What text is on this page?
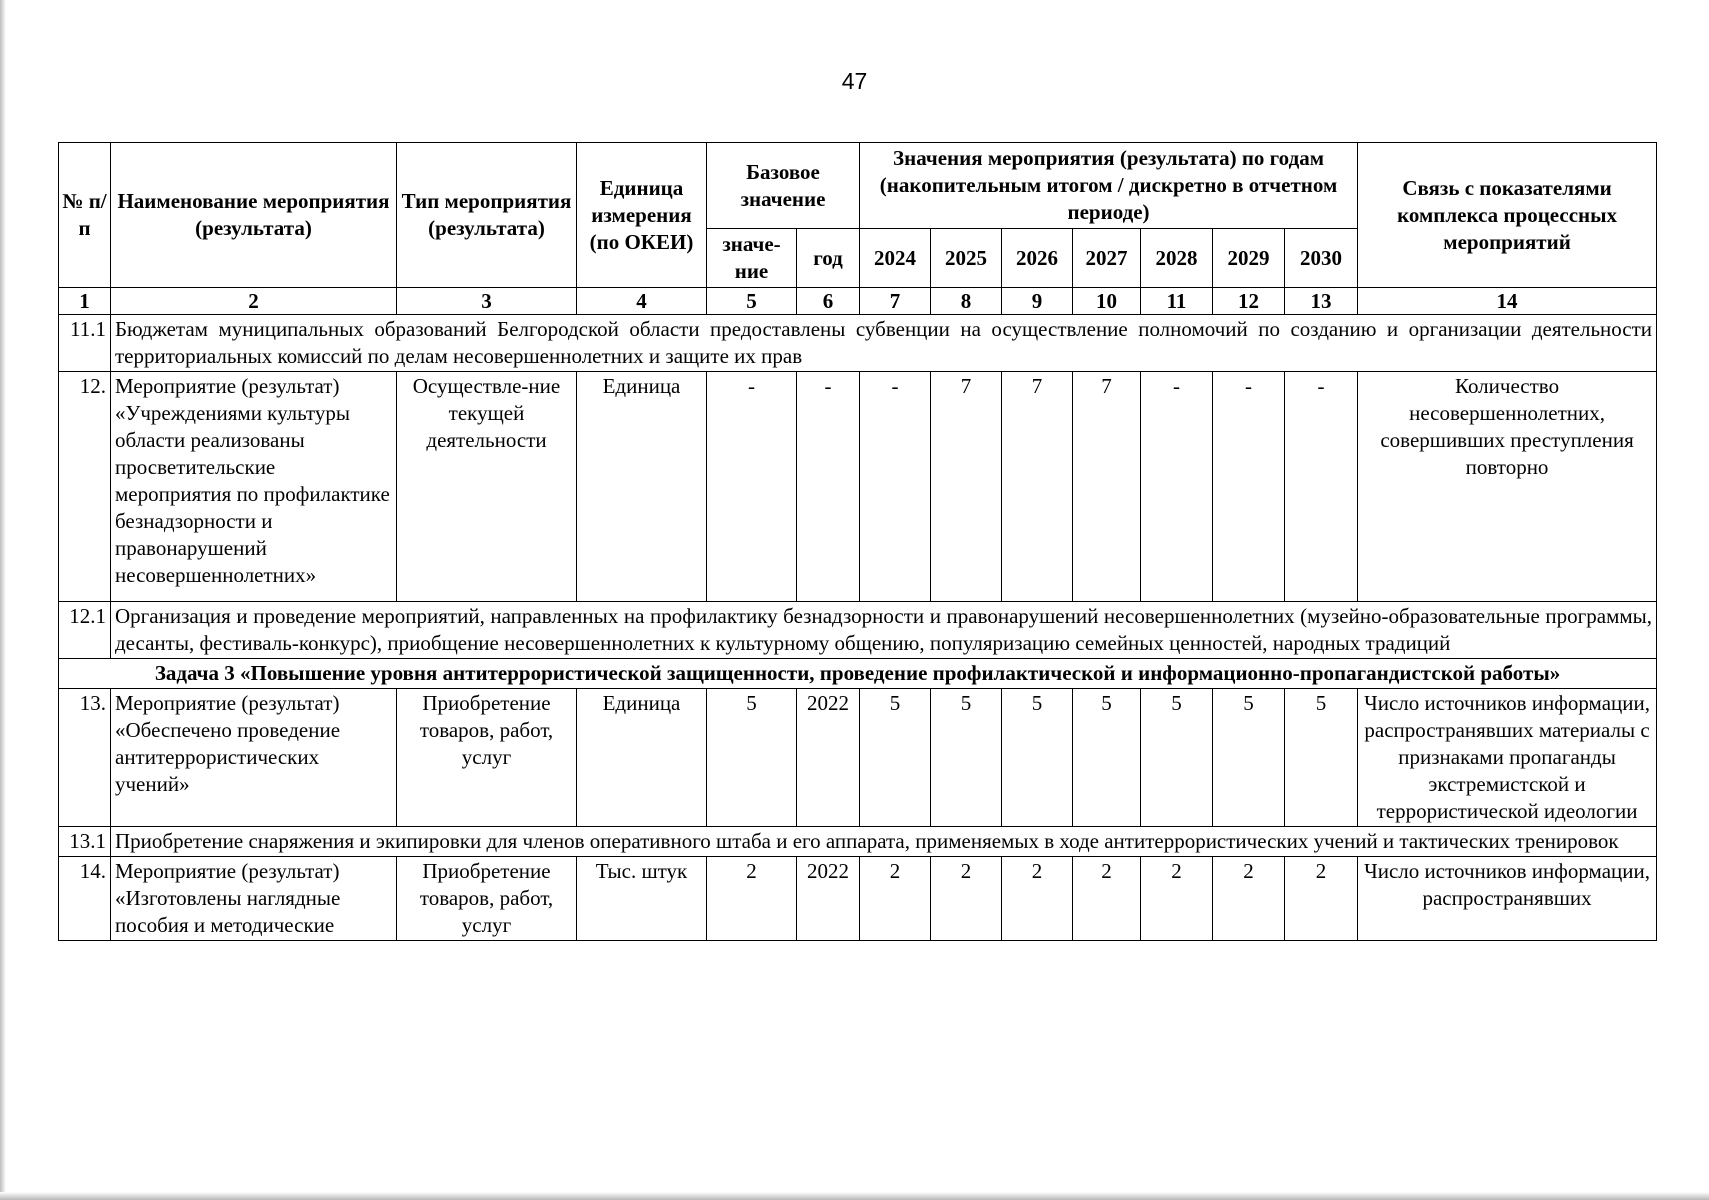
47
№ п/п	Наименование мероприятия (результата)	Тип мероприятия (результата)	Единица измерения (по ОКЕИ)	Базовое значение		Значения мероприятия (результата) по годам (накопительным итогом / дискретно в отчетном периоде)							Связь с показателями комплекса процессных мероприятий
				значе-ние	год	2024	2025	2026	2027	2028	2029	2030	
1	2	3	4	5	6	7	8	9	10	11	12	13	14
11.1	Бюджетам муниципальных образований Белгородской области предоставлены субвенции на осуществление полномочий по созданию и организации деятельности территориальных комиссий по делам несовершеннолетних и защите их прав												
12.	Мероприятие (результат) «Учреждениями культуры области реализованы просветительские мероприятия по профилактике безнадзорности и правонарушений несовершеннолетних»	Осуществле-ние текущей деятельности	Единица	-	-	-	7	7	7	-	-	-	Количество несовершеннолетних, совершивших преступления повторно
12.1	Организация и проведение мероприятий, направленных на профилактику безнадзорности и правонарушений несовершеннолетних (музейно-образовательные программы, десанты, фестиваль-конкурс), приобщение несовершеннолетних к культурному общению, популяризацию семейных ценностей, народных традиций												
Задача 3 «Повышение уровня антитеррористической защищенности, проведение профилактической и информационно-пропагандистской работы»													
13.	Мероприятие (результат) «Обеспечено проведение антитеррористических учений»	Приобретение товаров, работ, услуг	Единица	5	2022	5	5	5	5	5	5	5	Число источников информации, распространявших материалы с признаками пропаганды экстремистской и террористической идеологии
13.1	Приобретение снаряжения и экипировки для членов оперативного штаба и его аппарата, применяемых в ходе антитеррористических учений и тактических тренировок												
14.	Мероприятие (результат) «Изготовлены наглядные пособия и методические	Приобретение товаров, работ, услуг	Тыс. штук	2	2022	2	2	2	2	2	2	2	Число источников информации, распространявших
